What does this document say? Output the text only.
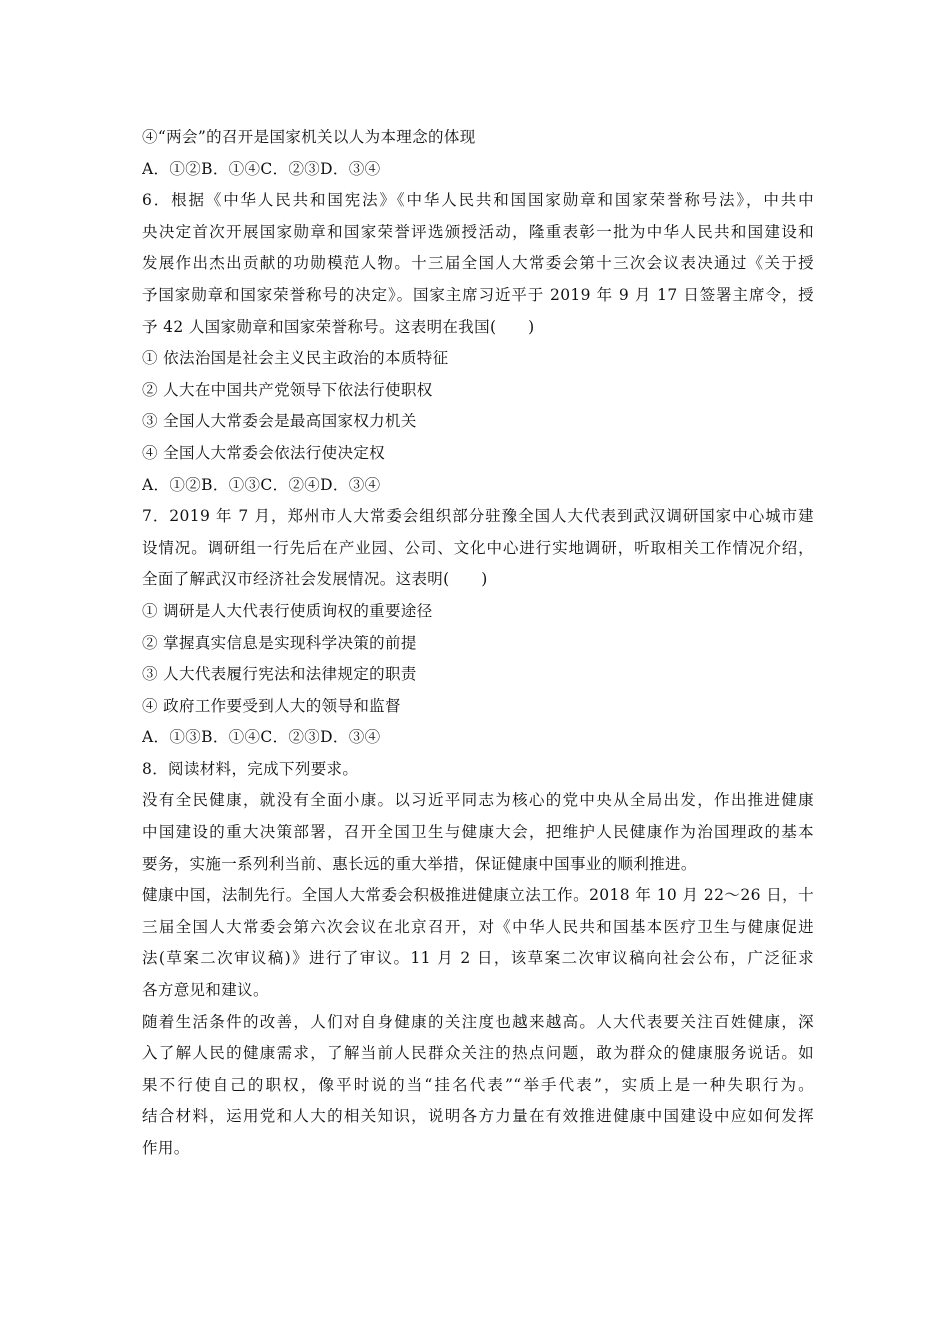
④“两会”的召开是国家机关以人为本理念的体现
A．①②B．①④C．②③D．③④
6．根据《中华人民共和国宪法》《中华人民共和国国家勋章和国家荣誉称号法》，中共中
央决定首次开展国家勋章和国家荣誉评选颁授活动，隆重表彰一批为中华人民共和国建设和
发展作出杰出贡献的功勋模范人物。十三届全国人大常委会第十三次会议表决通过《关于授
予国家勋章和国家荣誉称号的决定》。国家主席习近平于 2019 年 9 月 17 日签署主席令，授
予 42 人国家勋章和国家荣誉称号。这表明在我国(　　)
① 依法治国是社会主义民主政治的本质特征
② 人大在中国共产党领导下依法行使职权
③ 全国人大常委会是最高国家权力机关
④ 全国人大常委会依法行使决定权
A．①②B．①③C．②④D．③④
7．2019 年 7 月，郑州市人大常委会组织部分驻豫全国人大代表到武汉调研国家中心城市建
设情况。调研组一行先后在产业园、公司、文化中心进行实地调研，听取相关工作情况介绍，
全面了解武汉市经济社会发展情况。这表明(　　)
① 调研是人大代表行使质询权的重要途径
② 掌握真实信息是实现科学决策的前提
③ 人大代表履行宪法和法律规定的职责
④ 政府工作要受到人大的领导和监督
A．①③B．①④C．②③D．③④
8．阅读材料，完成下列要求。
没有全民健康，就没有全面小康。以习近平同志为核心的党中央从全局出发，作出推进健康
中国建设的重大决策部署，召开全国卫生与健康大会，把维护人民健康作为治国理政的基本
要务，实施一系列利当前、惠长远的重大举措，保证健康中国事业的顺利推进。
健康中国，法制先行。全国人大常委会积极推进健康立法工作。2018 年 10 月 22～26 日，十
三届全国人大常委会第六次会议在北京召开，对《中华人民共和国基本医疗卫生与健康促进
法(草案二次审议稿)》进行了审议。11 月 2 日，该草案二次审议稿向社会公布，广泛征求
各方意见和建议。
随着生活条件的改善，人们对自身健康的关注度也越来越高。人大代表要关注百姓健康，深
入了解人民的健康需求，了解当前人民群众关注的热点问题，敢为群众的健康服务说话。如
果不行使自己的职权，像平时说的当“挂名代表”“举手代表”，实质上是一种失职行为。
结合材料，运用党和人大的相关知识，说明各方力量在有效推进健康中国建设中应如何发挥
作用。
